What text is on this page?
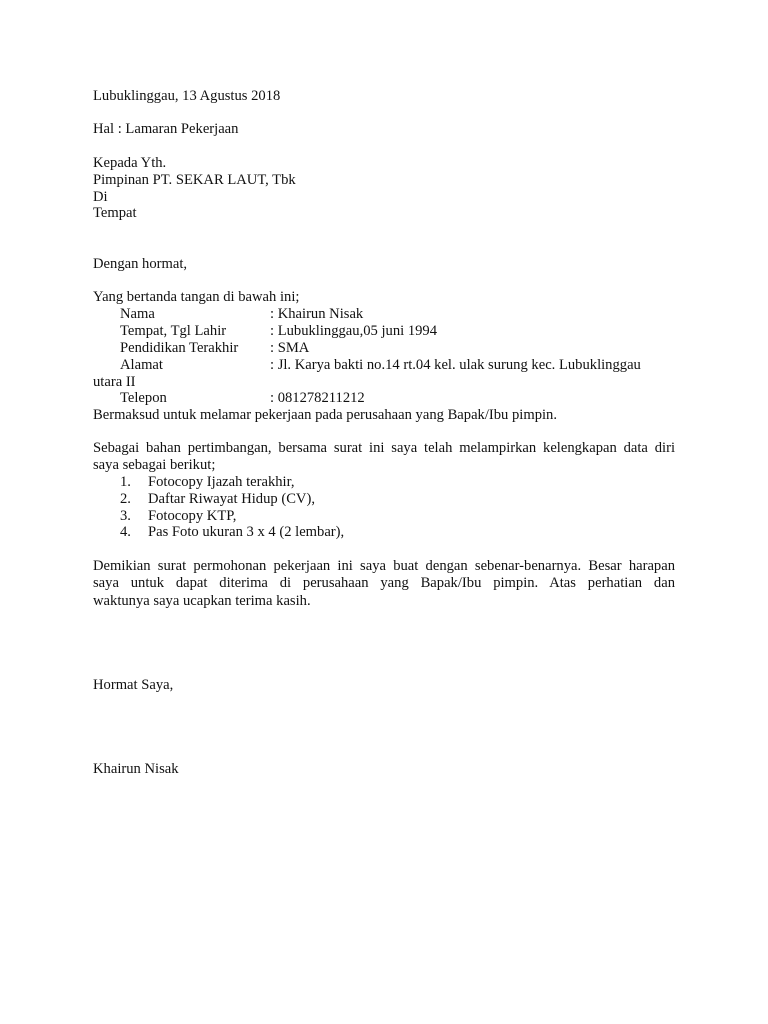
Lubuklinggau, 13 Agustus 2018
Hal : Lamaran Pekerjaan
Kepada Yth.
Pimpinan PT. SEKAR LAUT, Tbk
Di
Tempat
Dengan hormat,
Yang bertanda tangan di bawah ini;
Nama	: Khairun Nisak
Tempat, Tgl Lahir	: Lubuklinggau,05 juni 1994
Pendidikan Terakhir : SMA
Alamat	: Jl. Karya bakti no.14 rt.04 kel. ulak surung kec. Lubuklinggau
utara II
Telepon	: 081278211212
Bermaksud untuk melamar pekerjaan pada perusahaan yang Bapak/Ibu pimpin.
Sebagai bahan pertimbangan, bersama surat ini saya telah melampirkan kelengkapan data diri
saya sebagai berikut;
1. Fotocopy Ijazah terakhir,
2. Daftar Riwayat Hidup (CV),
3. Fotocopy KTP,
4. Pas Foto ukuran 3 x 4 (2 lembar),
Demikian surat permohonan pekerjaan ini saya buat dengan sebenar-benarnya. Besar harapan
saya untuk dapat diterima di perusahaan yang Bapak/Ibu pimpin. Atas perhatian dan
waktunya saya ucapkan terima kasih.
Hormat Saya,
Khairun Nisak
